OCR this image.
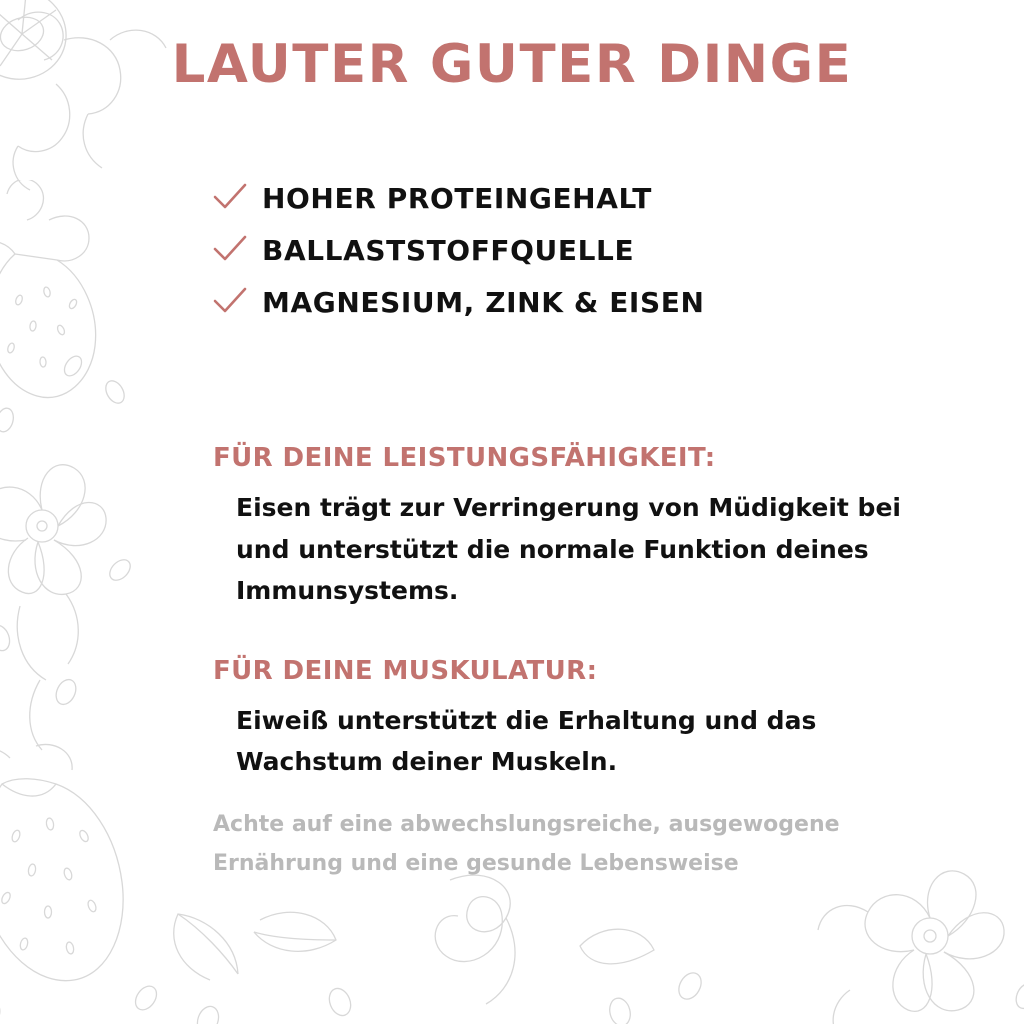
LAUTER GUTER DINGE
HOHER PROTEINGEHALT
BALLASTSTOFFQUELLE
MAGNESIUM, ZINK & EISEN
FÜR DEINE LEISTUNGSFÄHIGKEIT:
Eisen trägt zur Verringerung von Müdigkeit bei und unterstützt die normale Funktion deines Immunsystems.
FÜR DEINE MUSKULATUR:
Eiweiß unterstützt die Erhaltung und das Wachstum deiner Muskeln.
Achte auf eine abwechslungsreiche, ausgewogene Ernährung und eine gesunde Lebensweise
